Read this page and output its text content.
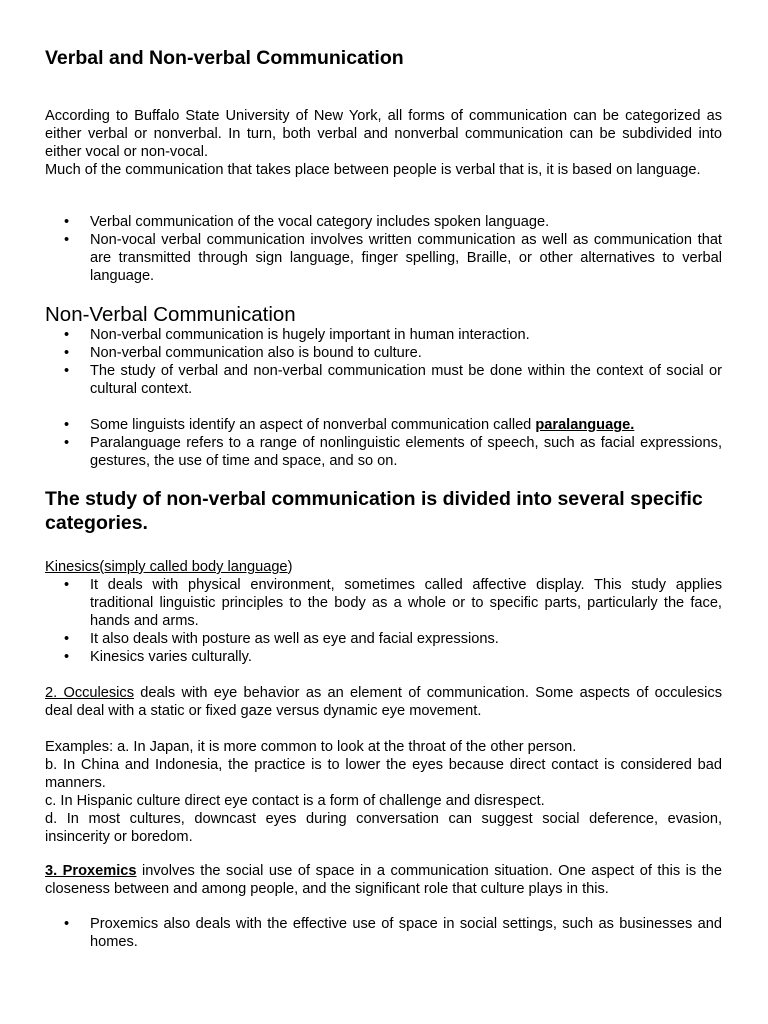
Verbal and Non-verbal Communication

According to Buffalo State University of New York, all forms of communication can be categorized as either verbal or nonverbal. In turn, both verbal and nonverbal communication can be subdivided into either vocal or non-vocal.

Much of the communication that takes place between people is verbal that is, it is based on language.

• Verbal communication of the vocal category includes spoken language.
• Non-vocal verbal communication involves written communication as well as communication that are transmitted through sign language, finger spelling, Braille, or other alternatives to verbal language.
Non-Verbal Communication
• Non-verbal communication is hugely important in human interaction.
• Non-verbal communication also is bound to culture.
• The study of verbal and non-verbal communication must be done within the context of social or cultural context.
• Some linguists identify an aspect of nonverbal communication called paralanguage.
• Paralanguage refers to a range of nonlinguistic elements of speech, such as facial expressions, gestures, the use of time and space, and so on.
The study of non-verbal communication is divided into several specific categories.
Kinesics(simply called body language)
• It deals with physical environment, sometimes called affective display. This study applies traditional linguistic principles to the body as a whole or to specific parts, particularly the face, hands and arms.
• It also deals with posture as well as eye and facial expressions.
• Kinesics varies culturally.

2. Occulesics deals with eye behavior as an element of communication. Some aspects of occulesics deal deal with a static or fixed gaze versus dynamic eye movement.

Examples: a. In Japan, it is more common to look at the throat of the other person.

b. In China and Indonesia, the practice is to lower the eyes because direct contact is considered bad manners.

c. In Hispanic culture direct eye contact is a form of challenge and disrespect.

d. In most cultures, downcast eyes during conversation can suggest social deference, evasion, insincerity or boredom.

3. Proxemics involves the social use of space in a communication situation. One aspect of this is the closeness between and among people, and the significant role that culture plays in this.

• Proxemics also deals with the effective use of space in social settings, such as businesses and homes.
